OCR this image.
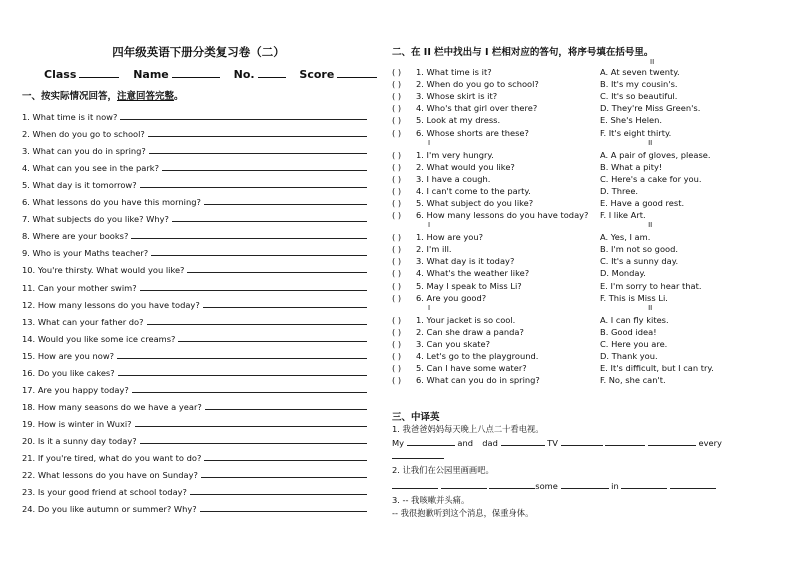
四年级英语下册分类复习卷（二）
Class	Name	No.	Score
一、按实际情况回答，注意回答完整。
1. What time is it now?
2. When do you go to school?
3. What can you do in spring?
4. What can you see in the park?
5. What day is it tomorrow?
6. What lessons do you have this morning?
7. What subjects do you like? Why?
8. Where are your books?
9. Who is your Maths teacher?
10. You're thirsty. What would you like?
11. Can your mother swim?
12. How many lessons do you have today?
13. What can your father do?
14. Would you like some ice creams?
15. How are you now?
16. Do you like cakes?
17. Are you happy today?
18. How many seasons do we have a year?
19. How is winter in Wuxi?
20. Is it a sunny day today?
21. If you're tired, what do you want to do?
22. What lessons do you have on Sunday?
23. Is your good friend at school today?
24. Do you like autumn or summer? Why?
二、在 II 栏中找出与 I 栏相对应的答句，将序号填在括号里。
II
( )	1. What time is it?	A. At seven twenty.
( )	2. When do you go to school?	B. It's my cousin's.
( )	3. Whose skirt is it?	C. It's so beautiful.
( )	4. Who's that girl over there?	D. They're Miss Green's.
( )	5. Look at my dress.	E. She's Helen.
( )	6. Whose shorts are these?	F. It's eight thirty.
I	II
( )	1. I'm very hungry.	A. A pair of gloves, please.
( )	2. What would you like?	B. What a pity!
( )	3. I have a cough.	C. Here's a cake for you.
( )	4. I can't come to the party.	D. Three.
( )	5. What subject do you like?	E. Have a good rest.
( )	6. How many lessons do you have today?	F. I like Art.
I	II
( )	1. How are you?	A. Yes, I am.
( )	2. I'm ill.	B. I'm not so good.
( )	3. What day is it today?	C. It's a sunny day.
( )	4. What's the weather like?	D. Monday.
( )	5. May I speak to Miss Li?	E. I'm sorry to hear that.
( )	6. Are you good?	F. This is Miss Li.
I	II
( )	1. Your jacket is so cool.	A. I can fly kites.
( )	2. Can she draw a panda?	B. Good idea!
( )	3. Can you skate?	C. Here you are.
( )	4. Let's go to the playground.	D. Thank you.
( )	5. Can I have some water?	E. It's difficult, but I can try.
( )	6. What can you do in spring?	F. No, she can't.
三、中译英
1. 我爸爸妈妈每天晚上八点二十看电视。
My	and dad	TV	every
2. 让我们在公园里画画吧。
some	in
3. -- 我咳嗽并头痛。
-- 我很抱歉听到这个消息，保重身体。
